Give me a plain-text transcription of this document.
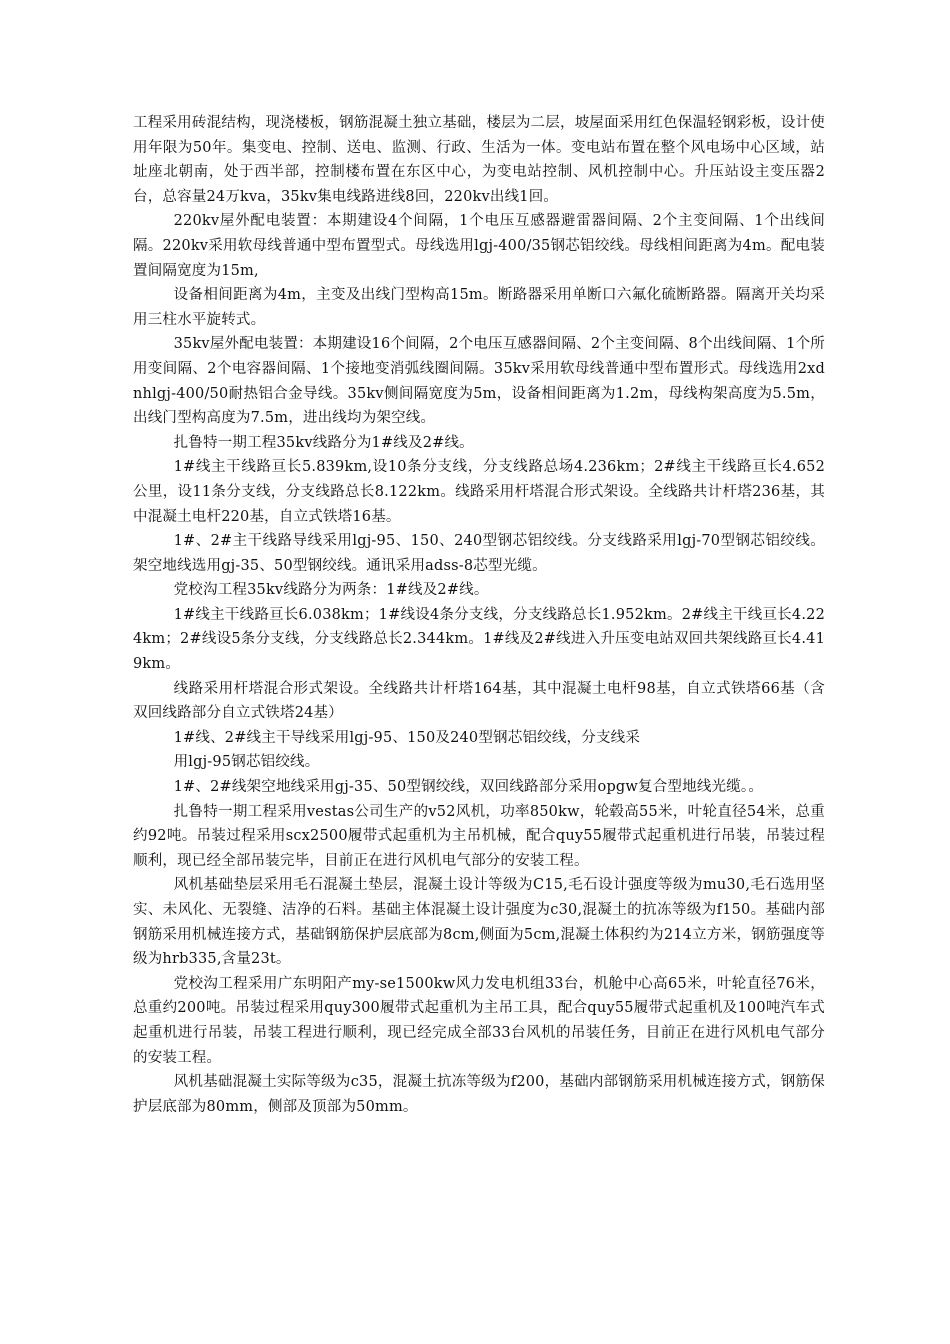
工程采用砖混结构，现浇楼板，钢筋混凝土独立基础，楼层为二层，坡屋面采用红色保温轻钢彩板，设计使用年限为50年。集变电、控制、送电、监测、行政、生活为一体。变电站布置在整个风电场中心区域，站址座北朝南，处于西半部，控制楼布置在东区中心，为变电站控制、风机控制中心。升压站设主变压器2台，总容量24万kva，35kv集电线路进线8回，220kv出线1回。

220kv屋外配电装置：本期建设4个间隔，1个电压互感器避雷器间隔、2个主变间隔、1个出线间隔。220kv采用软母线普通中型布置型式。母线选用lgj-400/35钢芯铝绞线。母线相间距离为4m。配电装置间隔宽度为15m,

设备相间距离为4m，主变及出线门型构高15m。断路器采用单断口六氟化硫断路器。隔离开关均采用三柱水平旋转式。

35kv屋外配电装置：本期建设16个间隔，2个电压互感器间隔、2个主变间隔、8个出线间隔、1个所用变间隔、2个电容器间隔、1个接地变消弧线圈间隔。35kv采用软母线普通中型布置形式。母线选用2xdnhlgj-400/50耐热铝合金导线。35kv侧间隔宽度为5m，设备相间距离为1.2m，母线构架高度为5.5m，出线门型构高度为7.5m，进出线均为架空线。

扎鲁特一期工程35kv线路分为1#线及2#线。

1#线主干线路亘长5.839km,设10条分支线，分支线路总场4.236km；2#线主干线路亘长4.652公里，设11条分支线，分支线路总长8.122km。线路采用杆塔混合形式架设。全线路共计杆塔236基，其中混凝土电杆220基，自立式铁塔16基。

1#、2#主干线路导线采用lgj-95、150、240型钢芯铝绞线。分支线路采用lgj-70型钢芯铝绞线。架空地线选用gj-35、50型钢绞线。通讯采用adss-8芯型光缆。

党校沟工程35kv线路分为两条：1#线及2#线。

1#线主干线路亘长6.038km；1#线设4条分支线，分支线路总长1.952km。2#线主干线亘长4.224km；2#线设5条分支线，分支线路总长2.344km。1#线及2#线进入升压变电站双回共架线路亘长4.419km。

线路采用杆塔混合形式架设。全线路共计杆塔164基，其中混凝土电杆98基，自立式铁塔66基（含双回线路部分自立式铁塔24基）

1#线、2#线主干导线采用lgj-95、150及240型钢芯铝绞线，分支线采

用lgj-95钢芯铝绞线。

1#、2#线架空地线采用gj-35、50型钢绞线，双回线路部分采用opgw复合型地线光缆。。

扎鲁特一期工程采用vestas公司生产的v52风机，功率850kw，轮毂高55米，叶轮直径54米，总重约92吨。吊装过程采用scx2500履带式起重机为主吊机械，配合quy55履带式起重机进行吊装，吊装过程顺利，现已经全部吊装完毕，目前正在进行风机电气部分的安装工程。

风机基础垫层采用毛石混凝土垫层，混凝土设计等级为C15,毛石设计强度等级为mu30,毛石选用坚实、未风化、无裂缝、洁净的石料。基础主体混凝土设计强度为c30,混凝土的抗冻等级为f150。基础内部钢筋采用机械连接方式，基础钢筋保护层底部为8cm,侧面为5cm,混凝土体积约为214立方米，钢筋强度等级为hrb335,含量23t。

党校沟工程采用广东明阳产my-se1500kw风力发电机组33台，机舱中心高65米，叶轮直径76米，总重约200吨。吊装过程采用quy300履带式起重机为主吊工具，配合quy55履带式起重机及100吨汽车式起重机进行吊装，吊装工程进行顺利，现已经完成全部33台风机的吊装任务，目前正在进行风机电气部分的安装工程。

风机基础混凝土实际等级为c35，混凝土抗冻等级为f200，基础内部钢筋采用机械连接方式，钢筋保护层底部为80mm，侧部及顶部为50mm。
